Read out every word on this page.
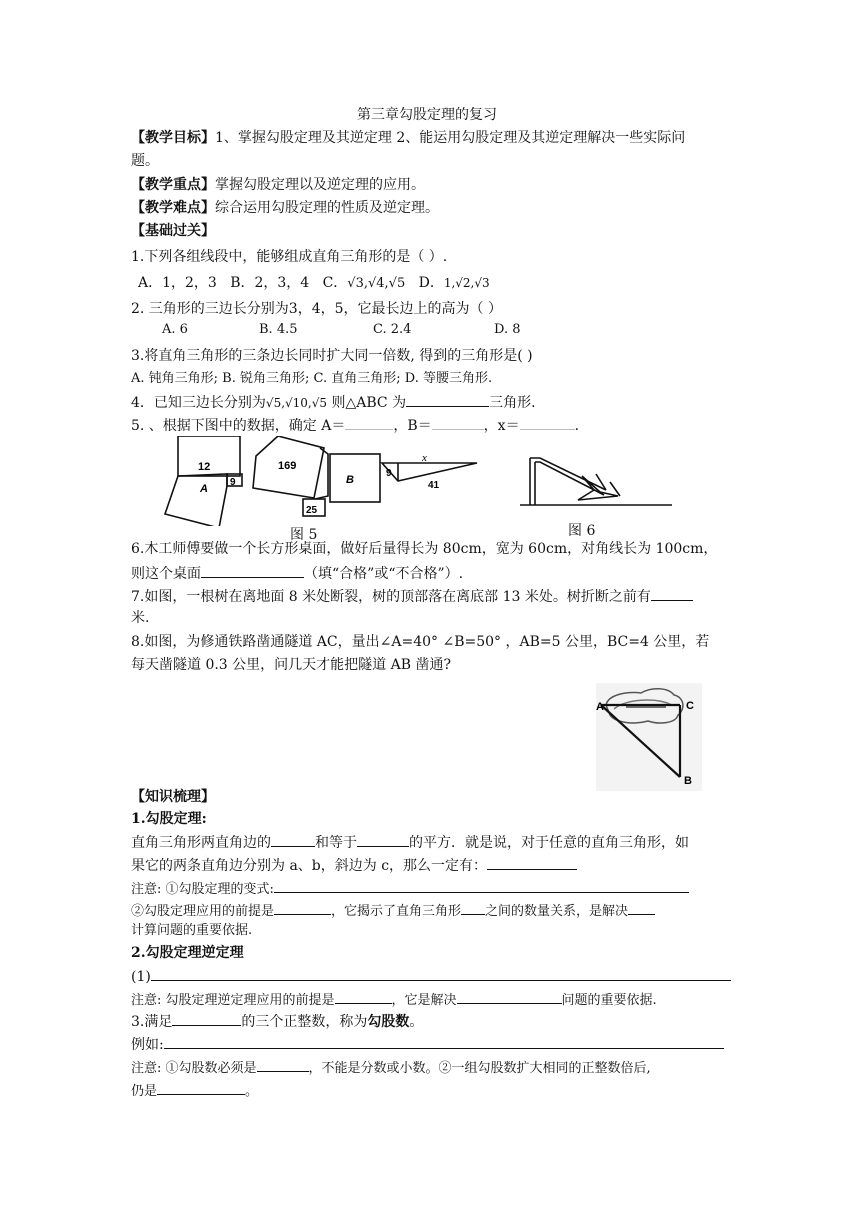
第三章勾股定理的复习
【教学目标】1、掌握勾股定理及其逆定理 2、能运用勾股定理及其逆定理解决一些实际问
题。
【教学重点】掌握勾股定理以及逆定理的应用。
【教学难点】综合运用勾股定理的性质及逆定理。
【基础过关】
1.下列各组线段中，能够组成直角三角形的是（ ）.
A．1，2，3 B．2，3，4 C．√3,√4,√5 D．1,√2,√3
2. 三角形的三边长分别为3，4，5，它最长边上的高为（ ）
A. 6	B. 4.5	C. 2.4	D. 8
3.将直角三角形的三条边长同时扩大同一倍数, 得到的三角形是( )
A. 钝角三角形; B. 锐角三角形; C. 直角三角形; D. 等腰三角形.
4．已知三边长分别为√5,√10,√5 则△ABC 为	三角形.
5. 、根据下图中的数据，确定 A＝	，B＝	，x＝	.
12
9
A
169
B
25
9
x
41
图 5	图 6
6.木工师傅要做一个长方形桌面，做好后量得长为 80cm，宽为 60cm，对角线长为 100cm，
则这个桌面	（填“合格”或“不合格”）.
7.如图，一根树在离地面 8 米处断裂，树的顶部落在离底部 13 米处。树折断之前有
米.
8.如图，为修通铁路凿通隧道 AC，量出∠A=40° ∠B=50° ，AB=5 公里，BC=4 公里，若
每天凿隧道 0.3 公里，问几天才能把隧道 AB 凿通?
A	C
B
【知识梳理】
1.勾股定理:
直角三角形两直角边的	和等于	的平方．就是说，对于任意的直角三角形，如
果它的两条直角边分别为 a、b，斜边为 c，那么一定有：
注意: ①勾股定理的变式:
②勾股定理应用的前提是	，它揭示了直角三角形 之间的数量关系，是解决
计算问题的重要依据.
2.勾股定理逆定理
(1)
注意: 勾股定理逆定理应用的前提是	，它是解决	问题的重要依据.
3.满足	的三个正整数，称为勾股数。
例如:
注意: ①勾股数必须是	，不能是分数或小数。②一组勾股数扩大相同的正整数倍后,
仍是	。
